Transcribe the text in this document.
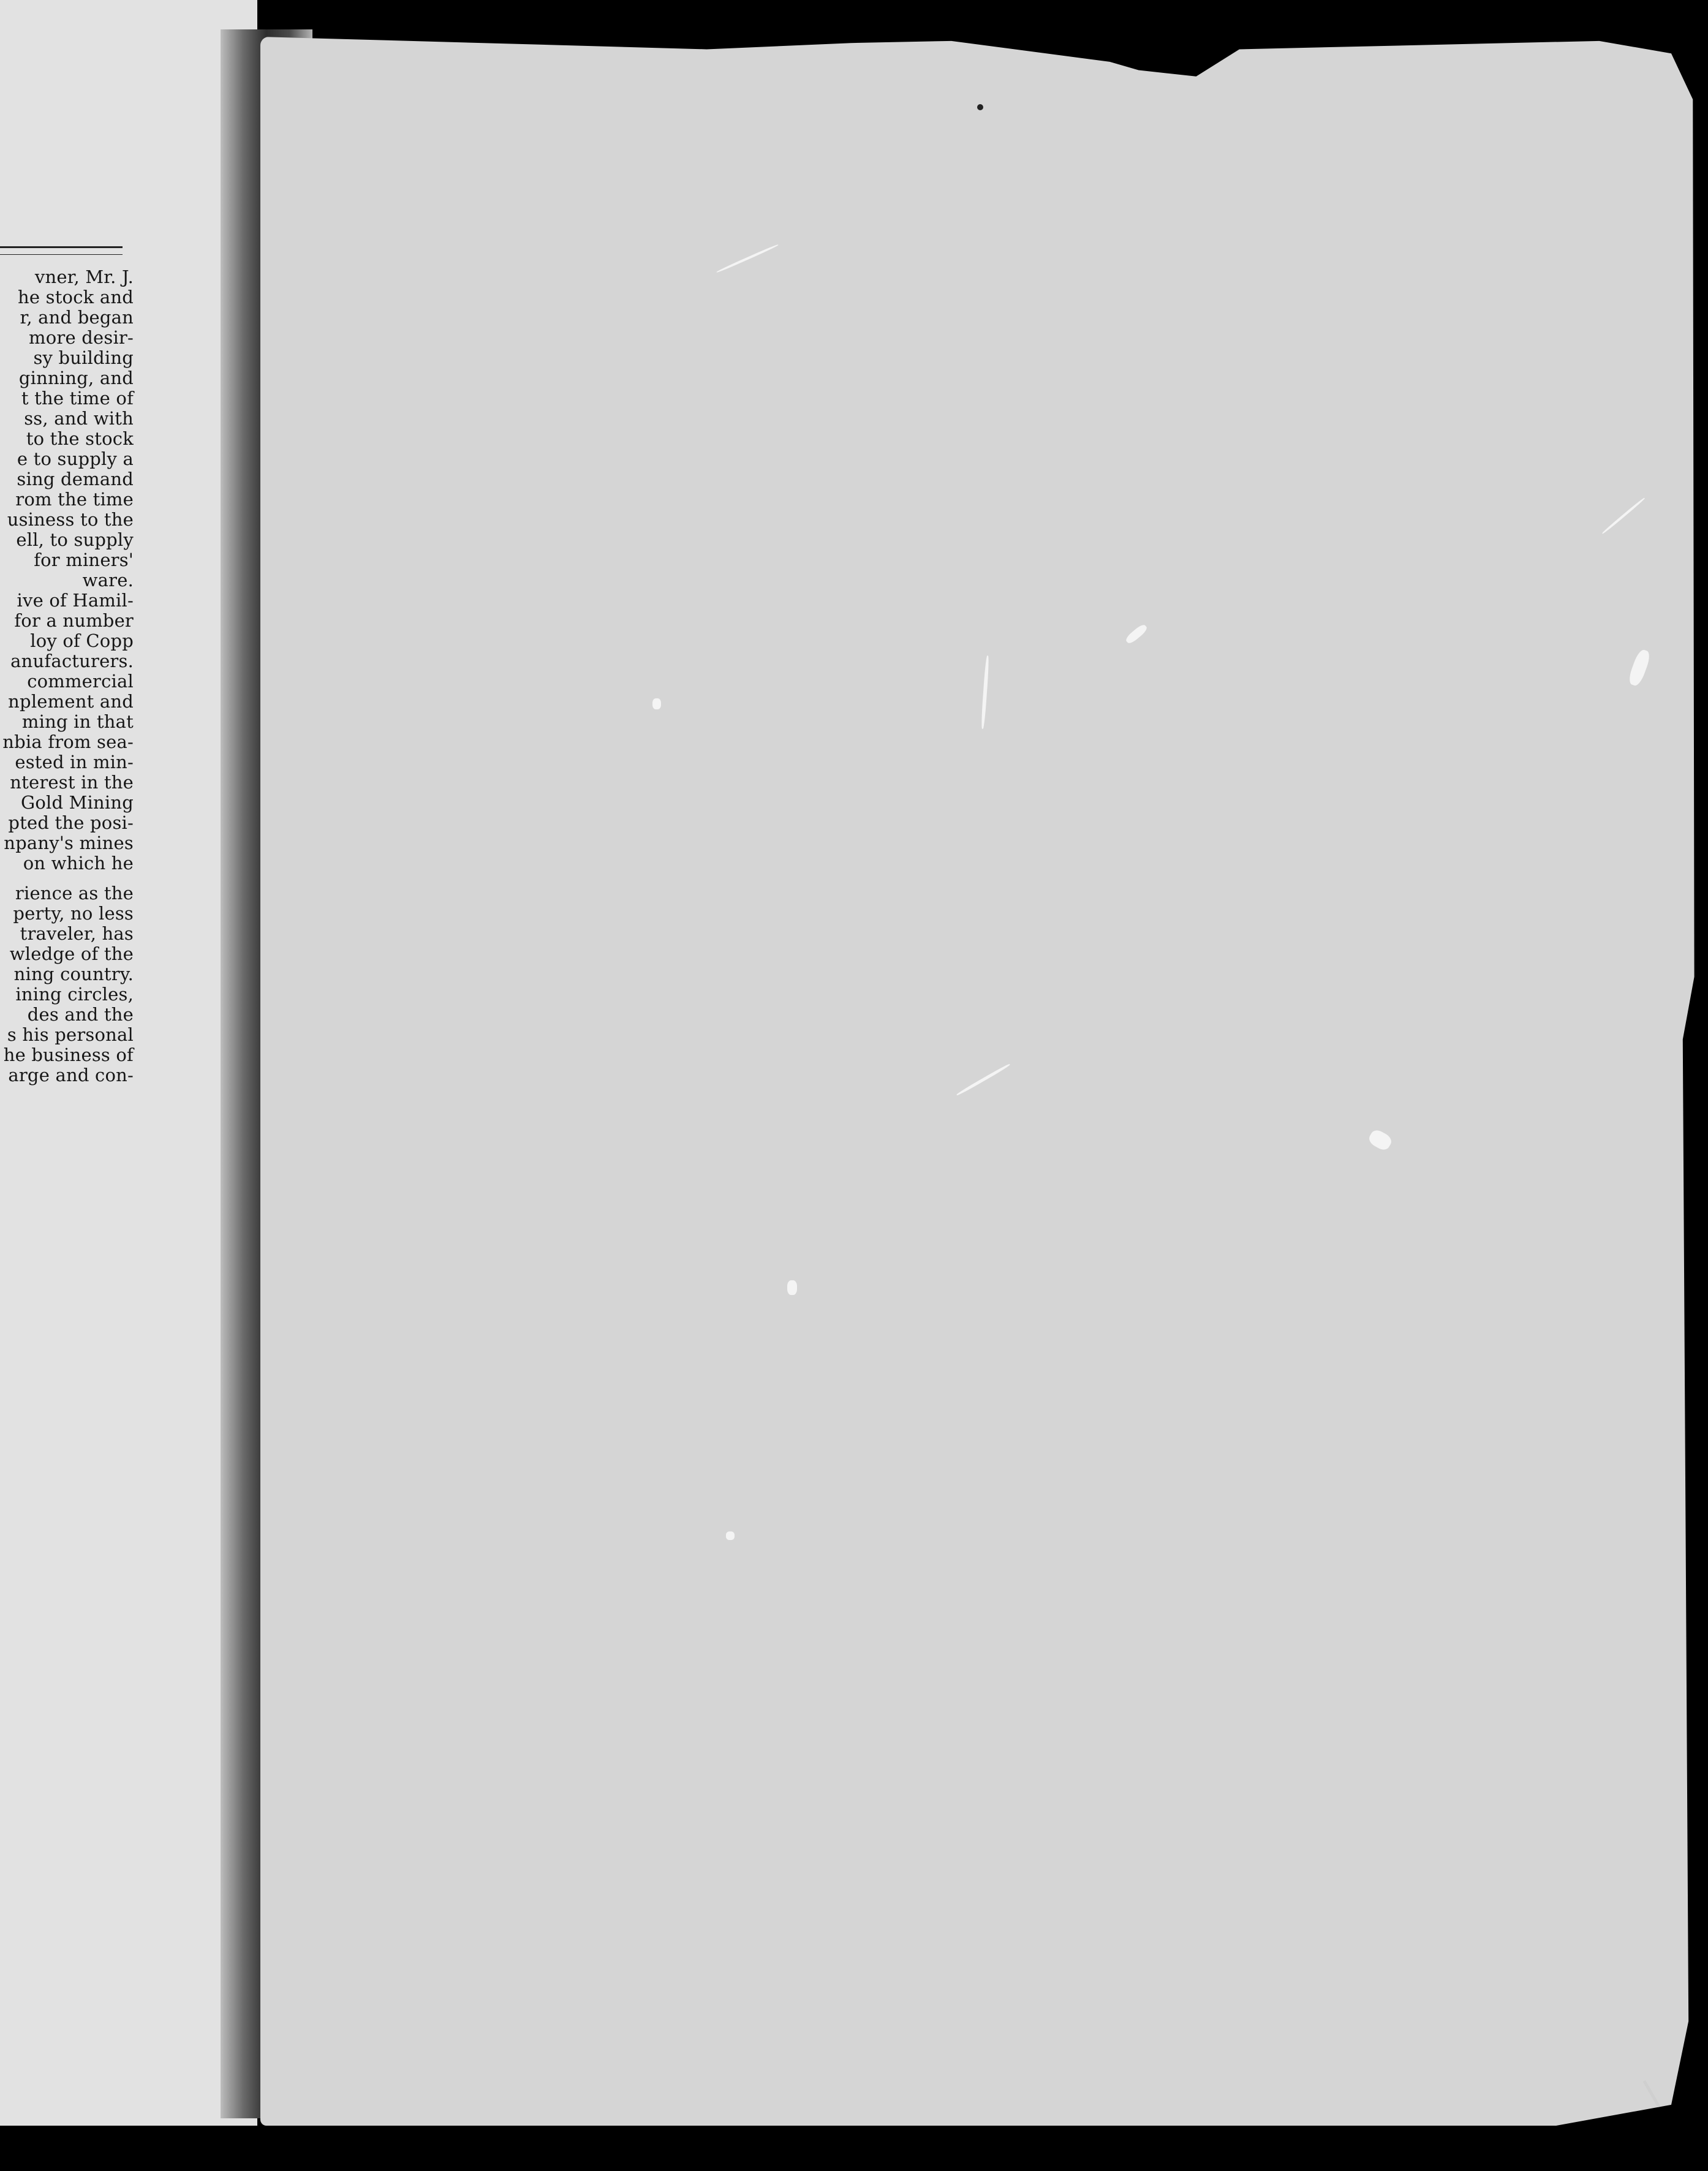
vner, Mr. J.
he stock and
r, and began
more desir-
sy building
ginning, and
t the time of
ss, and with
to the stock
e to supply a
sing demand
rom the time
usiness to the
ell, to supply
for miners'
ware.
ive of Hamil-
for a number
loy of Copp
anufacturers.
commercial
nplement and
ming in that
nbia from sea-
ested in min-
nterest in the
Gold Mining
pted the posi-
npany's mines
on which he
rience as the
perty, no less
traveler, has
wledge of the
ning country.
ining circles,
des and the
s his personal
he business of
arge and con-
